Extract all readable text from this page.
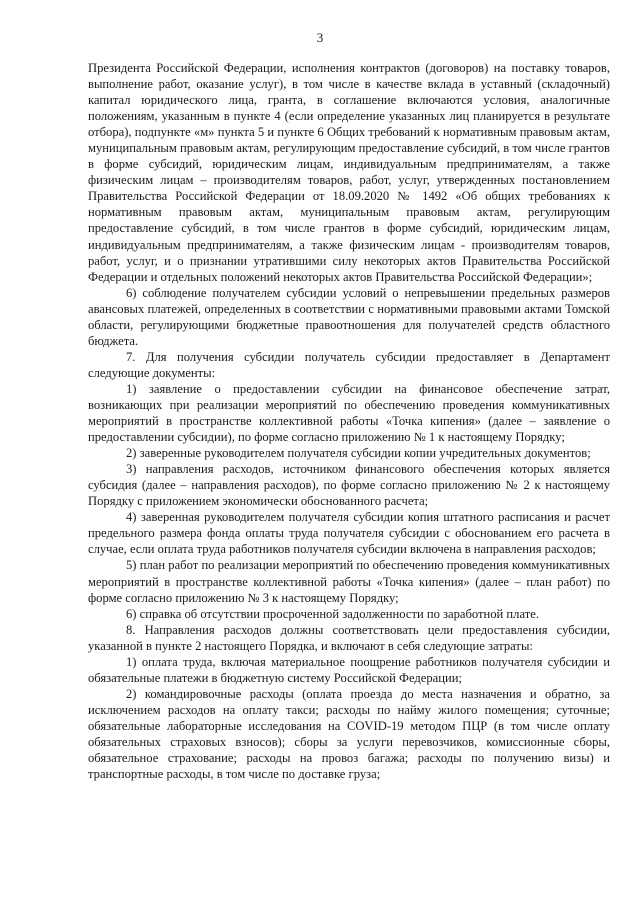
3

Президента Российской Федерации, исполнения контрактов (договоров) на поставку товаров, выполнение работ, оказание услуг), в том числе в качестве вклада в уставный (складочный) капитал юридического лица, гранта, в соглашение включаются условия, аналогичные положениям, указанным в пункте 4 (если определение указанных лиц планируется в результате отбора), подпункте «м» пункта 5 и пункте 6 Общих требований к нормативным правовым актам, муниципальным правовым актам, регулирующим предоставление субсидий, в том числе грантов в форме субсидий, юридическим лицам, индивидуальным предпринимателям, а также физическим лицам – производителям товаров, работ, услуг, утвержденных постановлением Правительства Российской Федерации от 18.09.2020 № 1492 «Об общих требованиях к нормативным правовым актам, муниципальным правовым актам, регулирующим предоставление субсидий, в том числе грантов в форме субсидий, юридическим лицам, индивидуальным предпринимателям, а также физическим лицам - производителям товаров, работ, услуг, и о признании утратившими силу некоторых актов Правительства Российской Федерации и отдельных положений некоторых актов Правительства Российской Федерации»;

6) соблюдение получателем субсидии условий о непревышении предельных размеров авансовых платежей, определенных в соответствии с нормативными правовыми актами Томской области, регулирующими бюджетные правоотношения для получателей средств областного бюджета.

7. Для получения субсидии получатель субсидии предоставляет в Департамент следующие документы:

1) заявление о предоставлении субсидии на финансовое обеспечение затрат, возникающих при реализации мероприятий по обеспечению проведения коммуникативных мероприятий в пространстве коллективной работы «Точка кипения» (далее – заявление о предоставлении субсидии), по форме согласно приложению № 1 к настоящему Порядку;

2) заверенные руководителем получателя субсидии копии учредительных документов;

3) направления расходов, источником финансового обеспечения которых является субсидия (далее – направления расходов), по форме согласно приложению № 2 к настоящему Порядку с приложением экономически обоснованного расчета;

4) заверенная руководителем получателя субсидии копия штатного расписания и расчет предельного размера фонда оплаты труда получателя субсидии с обоснованием его расчета в случае, если оплата труда работников получателя субсидии включена в направления расходов;

5) план работ по реализации мероприятий по обеспечению проведения коммуникативных мероприятий в пространстве коллективной работы «Точка кипения» (далее – план работ) по форме согласно приложению № 3 к настоящему Порядку;

6) справка об отсутствии просроченной задолженности по заработной плате.

8. Направления расходов должны соответствовать цели предоставления субсидии, указанной в пункте 2 настоящего Порядка, и включают в себя следующие затраты:

1) оплата труда, включая материальное поощрение работников получателя субсидии и обязательные платежи в бюджетную систему Российской Федерации;

2) командировочные расходы (оплата проезда до места назначения и обратно, за исключением расходов на оплату такси; расходы по найму жилого помещения; суточные; обязательные лабораторные исследования на COVID-19 методом ПЦР (в том числе оплату обязательных страховых взносов); сборы за услуги перевозчиков, комиссионные сборы, обязательное страхование; расходы на провоз багажа; расходы по получению визы) и транспортные расходы, в том числе по доставке груза;
